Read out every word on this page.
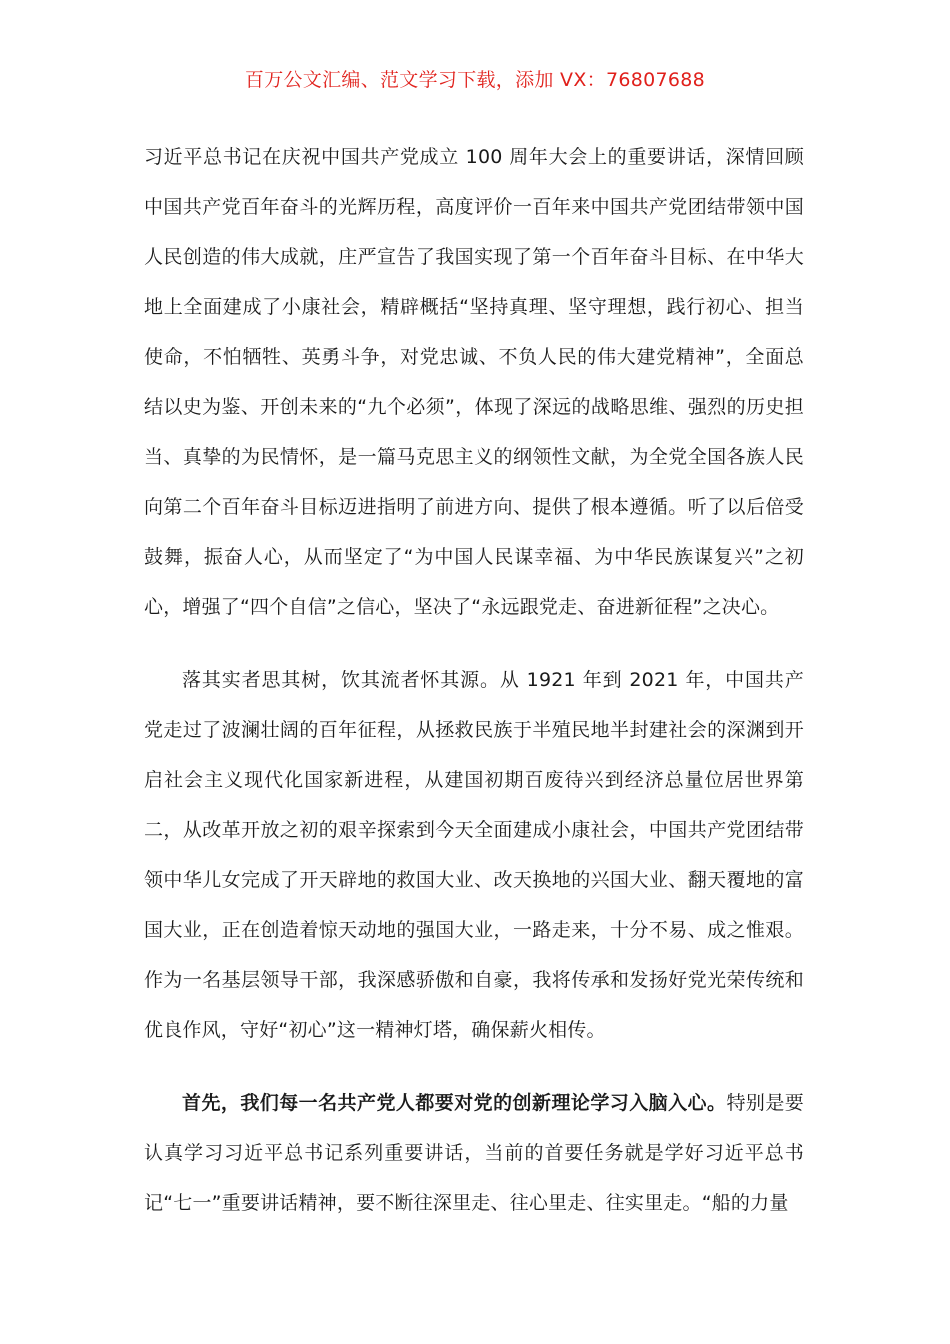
百万公文汇编、范文学习下载，添加 VX：76807688

习近平总书记在庆祝中国共产党成立 100 周年大会上的重要讲话，深情回顾中国共产党百年奋斗的光辉历程，高度评价一百年来中国共产党团结带领中国人民创造的伟大成就，庄严宣告了我国实现了第一个百年奋斗目标、在中华大地上全面建成了小康社会，精辟概括“坚持真理、坚守理想，践行初心、担当使命，不怕牺牲、英勇斗争，对党忠诚、不负人民的伟大建党精神”，全面总结以史为鉴、开创未来的“九个必须”，体现了深远的战略思维、强烈的历史担当、真挚的为民情怀，是一篇马克思主义的纲领性文献，为全党全国各族人民向第二个百年奋斗目标迈进指明了前进方向、提供了根本遵循。听了以后倍受鼓舞，振奋人心，从而坚定了“为中国人民谋幸福、为中华民族谋复兴”之初心，增强了“四个自信”之信心，坚决了“永远跟党走、奋进新征程”之决心。

落其实者思其树，饮其流者怀其源。从 1921 年到 2021 年，中国共产党走过了波澜壮阔的百年征程，从拯救民族于半殖民地半封建社会的深渊到开启社会主义现代化国家新进程，从建国初期百废待兴到经济总量位居世界第二，从改革开放之初的艰辛探索到今天全面建成小康社会，中国共产党团结带领中华儿女完成了开天辟地的救国大业、改天换地的兴国大业、翻天覆地的富国大业，正在创造着惊天动地的强国大业，一路走来，十分不易、成之惟艰。作为一名基层领导干部，我深感骄傲和自豪，我将传承和发扬好党光荣传统和优良作风，守好“初心”这一精神灯塔，确保薪火相传。

首先，我们每一名共产党人都要对党的创新理论学习入脑入心。特别是要认真学习习近平总书记系列重要讲话，当前的首要任务就是学好习近平总书记“七一”重要讲话精神，要不断往深里走、往心里走、往实里走。“船的力量
